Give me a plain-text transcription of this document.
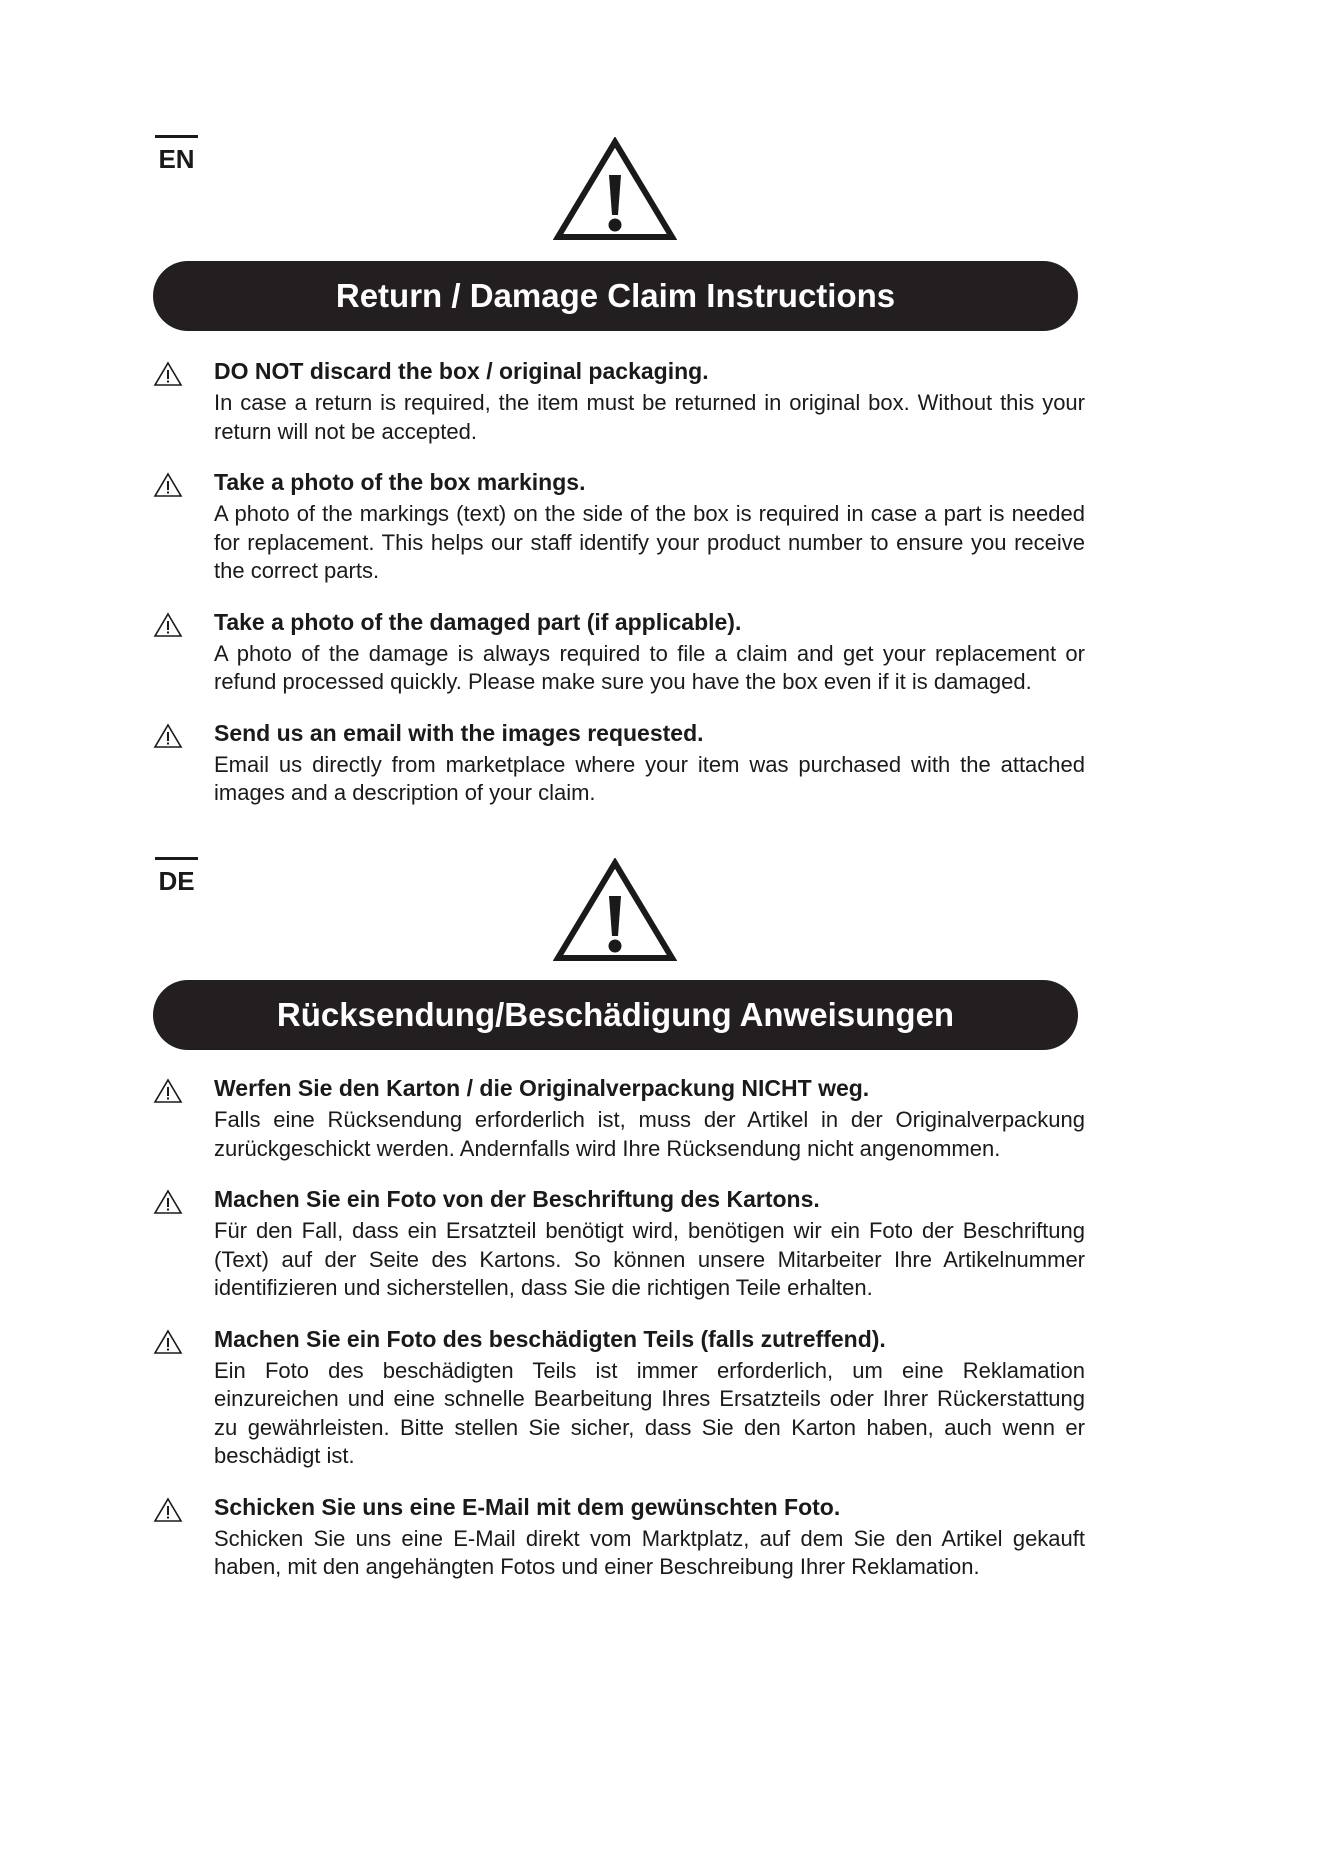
EN
Return / Damage Claim Instructions
DO NOT discard the box / original packaging.
In case a return is required, the item must be returned in original box. Without this your return will not be accepted.
Take a photo of the box markings.
A photo of the markings (text) on the side of the box is required in case a part is needed for replacement. This helps our staff identify your product number to ensure you receive the correct parts.
Take a photo of the damaged part (if applicable).
A photo of the damage is always required to file a claim and get your replacement or refund processed quickly. Please make sure you have the box even if it is damaged.
Send us an email with the images requested.
Email us directly from marketplace where your item was purchased with the attached images and a description of your claim.
DE
Rücksendung/Beschädigung Anweisungen
Werfen Sie den Karton / die Originalverpackung NICHT weg.
Falls eine Rücksendung erforderlich ist, muss der Artikel in der Originalverpackung zurückgeschickt werden. Andernfalls wird Ihre Rücksendung nicht angenommen.
Machen Sie ein Foto von der Beschriftung des Kartons.
Für den Fall, dass ein Ersatzteil benötigt wird, benötigen wir ein Foto der Beschriftung (Text) auf der Seite des Kartons. So können unsere Mitarbeiter Ihre Artikelnummer identifizieren und sicherstellen, dass Sie die richtigen Teile erhalten.
Machen Sie ein Foto des beschädigten Teils (falls zutreffend).
Ein Foto des beschädigten Teils ist immer erforderlich, um eine Reklamation einzureichen und eine schnelle Bearbeitung Ihres Ersatzteils oder Ihrer Rückerstattung zu gewährleisten. Bitte stellen Sie sicher, dass Sie den Karton haben, auch wenn er beschädigt ist.
Schicken Sie uns eine E-Mail mit dem gewünschten Foto.
Schicken Sie uns eine E-Mail direkt vom Marktplatz, auf dem Sie den Artikel gekauft haben, mit den angehängten Fotos und einer Beschreibung Ihrer Reklamation.
